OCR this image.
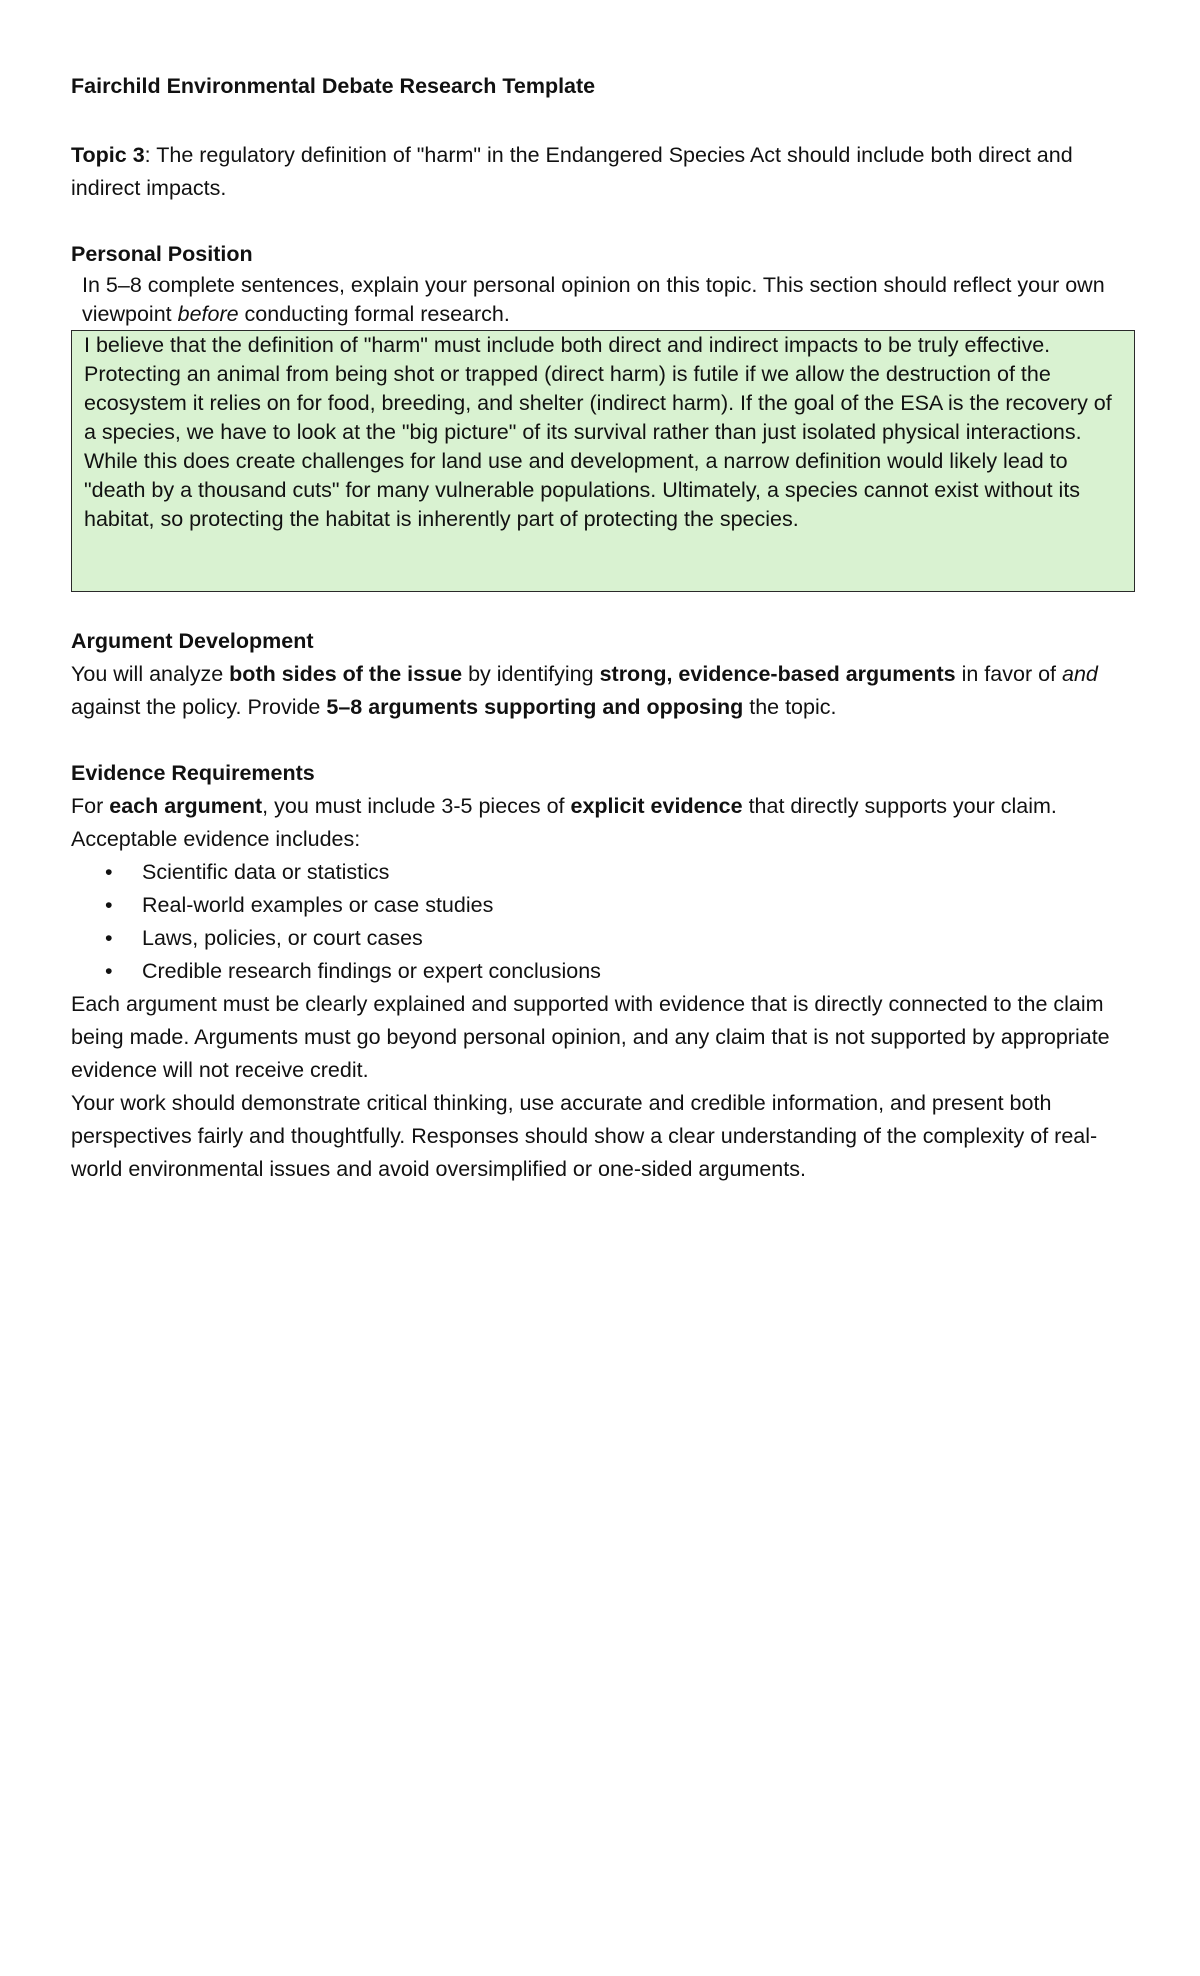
Fairchild Environmental Debate Research Template
Topic 3: The regulatory definition of "harm" in the Endangered Species Act should include both direct and indirect impacts.
Personal Position
In 5–8 complete sentences, explain your personal opinion on this topic. This section should reflect your own viewpoint before conducting formal research.
I believe that the definition of "harm" must include both direct and indirect impacts to be truly effective. Protecting an animal from being shot or trapped (direct harm) is futile if we allow the destruction of the ecosystem it relies on for food, breeding, and shelter (indirect harm). If the goal of the ESA is the recovery of a species, we have to look at the "big picture" of its survival rather than just isolated physical interactions. While this does create challenges for land use and development, a narrow definition would likely lead to "death by a thousand cuts" for many vulnerable populations. Ultimately, a species cannot exist without its habitat, so protecting the habitat is inherently part of protecting the species.
Argument Development
You will analyze both sides of the issue by identifying strong, evidence-based arguments in favor of and against the policy. Provide 5–8 arguments supporting and opposing the topic.
Evidence Requirements
For each argument, you must include 3-5 pieces of explicit evidence that directly supports your claim.
Acceptable evidence includes:
• Scientific data or statistics
• Real-world examples or case studies
• Laws, policies, or court cases
• Credible research findings or expert conclusions
Each argument must be clearly explained and supported with evidence that is directly connected to the claim being made. Arguments must go beyond personal opinion, and any claim that is not supported by appropriate evidence will not receive credit.
Your work should demonstrate critical thinking, use accurate and credible information, and present both perspectives fairly and thoughtfully. Responses should show a clear understanding of the complexity of real-world environmental issues and avoid oversimplified or one-sided arguments.
